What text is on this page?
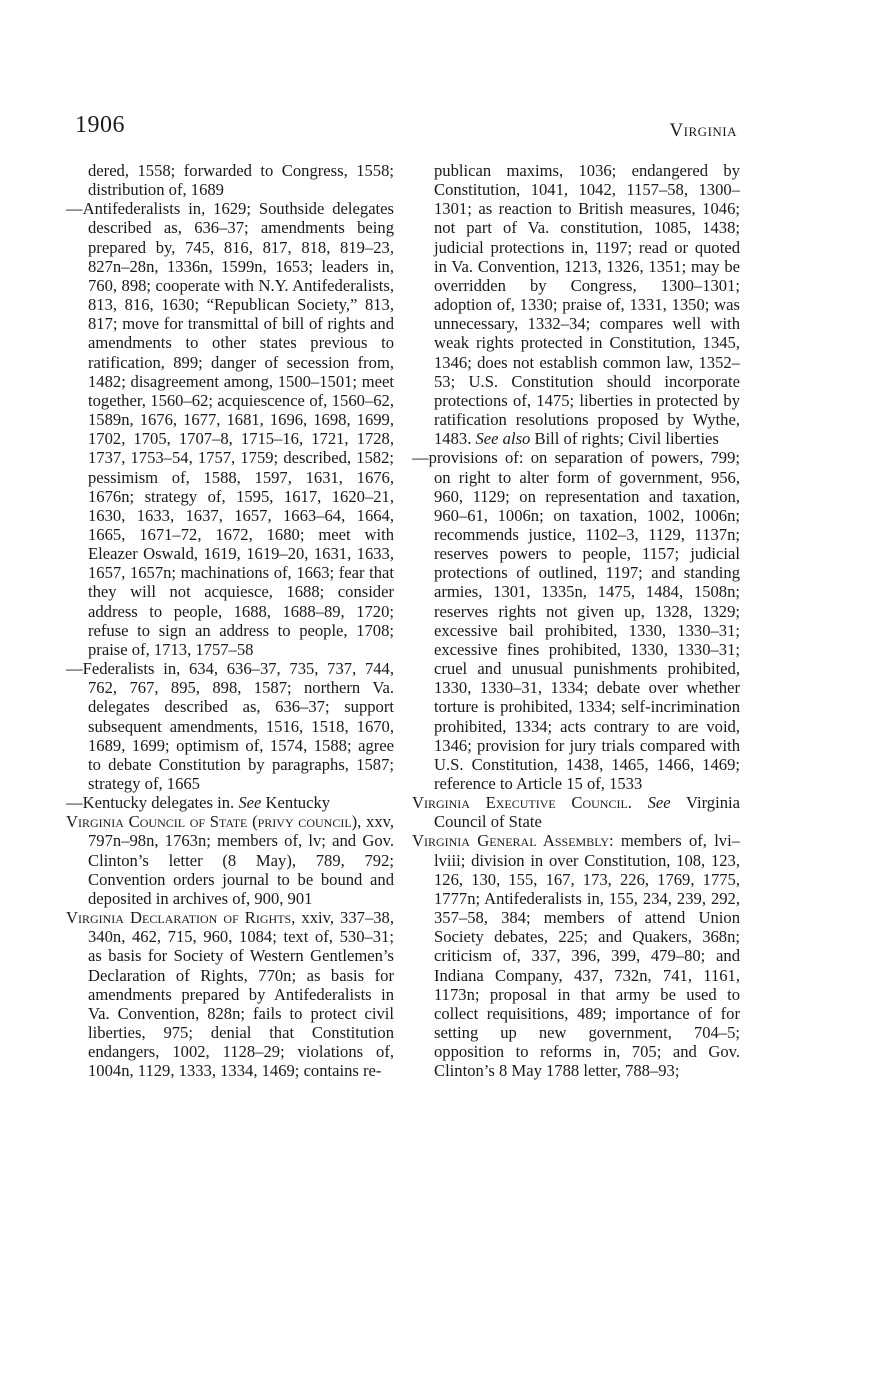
1906	Virginia

dered, 1558; forwarded to Congress, 1558; distribution of, 1689

—Antifederalists in, 1629; Southside delegates described as, 636–37; amendments being prepared by, 745, 816, 817, 818, 819–23, 827n–28n, 1336n, 1599n, 1653; leaders in, 760, 898; cooperate with N.Y. Antifederalists, 813, 816, 1630; “Republican Society,” 813, 817; move for transmittal of bill of rights and amendments to other states previous to ratification, 899; danger of secession from, 1482; disagreement among, 1500–1501; meet together, 1560–62; acquiescence of, 1560–62, 1589n, 1676, 1677, 1681, 1696, 1698, 1699, 1702, 1705, 1707–8, 1715–16, 1721, 1728, 1737, 1753–54, 1757, 1759; described, 1582; pessimism of, 1588, 1597, 1631, 1676, 1676n; strategy of, 1595, 1617, 1620–21, 1630, 1633, 1637, 1657, 1663–64, 1664, 1665, 1671–72, 1672, 1680; meet with Eleazer Oswald, 1619, 1619–20, 1631, 1633, 1657, 1657n; machinations of, 1663; fear that they will not acquiesce, 1688; consider address to people, 1688, 1688–89, 1720; refuse to sign an address to people, 1708; praise of, 1713, 1757–58

—Federalists in, 634, 636–37, 735, 737, 744, 762, 767, 895, 898, 1587; northern Va. delegates described as, 636–37; support subsequent amendments, 1516, 1518, 1670, 1689, 1699; optimism of, 1574, 1588; agree to debate Constitution by paragraphs, 1587; strategy of, 1665

—Kentucky delegates in. See Kentucky

Virginia Council of State (privy council), xxv, 797n–98n, 1763n; members of, lv; and Gov. Clinton’s letter (8 May), 789, 792; Convention orders journal to be bound and deposited in archives of, 900, 901

Virginia Declaration of Rights, xxiv, 337–38, 340n, 462, 715, 960, 1084; text of, 530–31; as basis for Society of Western Gentlemen’s Declaration of Rights, 770n; as basis for amendments prepared by Antifederalists in Va. Convention, 828n; fails to protect civil liberties, 975; denial that Constitution endangers, 1002, 1128–29; violations of, 1004n, 1129, 1333, 1334, 1469; contains re-

publican maxims, 1036; endangered by Constitution, 1041, 1042, 1157–58, 1300–1301; as reaction to British measures, 1046; not part of Va. constitution, 1085, 1438; judicial protections in, 1197; read or quoted in Va. Convention, 1213, 1326, 1351; may be overridden by Congress, 1300–1301; adoption of, 1330; praise of, 1331, 1350; was unnecessary, 1332–34; compares well with weak rights protected in Constitution, 1345, 1346; does not establish common law, 1352–53; U.S. Constitution should incorporate protections of, 1475; liberties in protected by ratification resolutions proposed by Wythe, 1483. See also Bill of rights; Civil liberties

—provisions of: on separation of powers, 799; on right to alter form of government, 956, 960, 1129; on representation and taxation, 960–61, 1006n; on taxation, 1002, 1006n; recommends justice, 1102–3, 1129, 1137n; reserves powers to people, 1157; judicial protections of outlined, 1197; and standing armies, 1301, 1335n, 1475, 1484, 1508n; reserves rights not given up, 1328, 1329; excessive bail prohibited, 1330, 1330–31; excessive fines prohibited, 1330, 1330–31; cruel and unusual punishments prohibited, 1330, 1330–31, 1334; debate over whether torture is prohibited, 1334; self-incrimination prohibited, 1334; acts contrary to are void, 1346; provision for jury trials compared with U.S. Constitution, 1438, 1465, 1466, 1469; reference to Article 15 of, 1533

Virginia Executive Council. See Virginia Council of State

Virginia General Assembly: members of, lvi–lviii; division in over Constitution, 108, 123, 126, 130, 155, 167, 173, 226, 1769, 1775, 1777n; Antifederalists in, 155, 234, 239, 292, 357–58, 384; members of attend Union Society debates, 225; and Quakers, 368n; criticism of, 337, 396, 399, 479–80; and Indiana Company, 437, 732n, 741, 1161, 1173n; proposal in that army be used to collect requisitions, 489; importance of for setting up new government, 704–5; opposition to reforms in, 705; and Gov. Clinton’s 8 May 1788 letter, 788–93;
